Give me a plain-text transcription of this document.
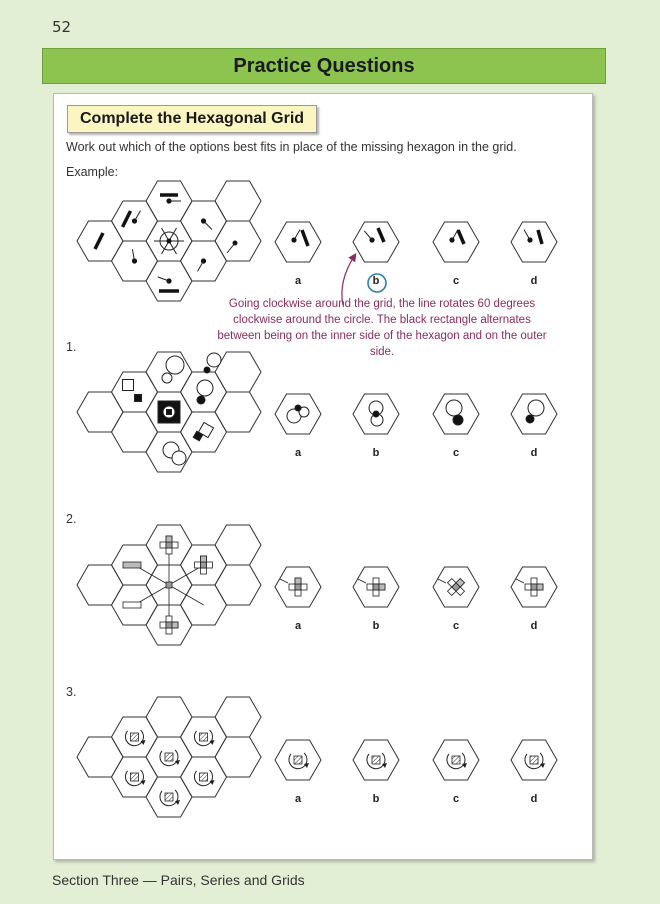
52
Practice Questions
Complete the Hexagonal Grid
Work out which of the options best fits in place of the missing hexagon in the grid.
Example:
Going clockwise around the grid, the line rotates 60 degrees clockwise around the circle. The black rectangle alternates between being on the inner side of the hexagon and on the outer side.
1.
2.
3.
a	b	c	d
a	b	c	d
a	b	c	d
a	b	c	d
Section Three — Pairs, Series and Grids
